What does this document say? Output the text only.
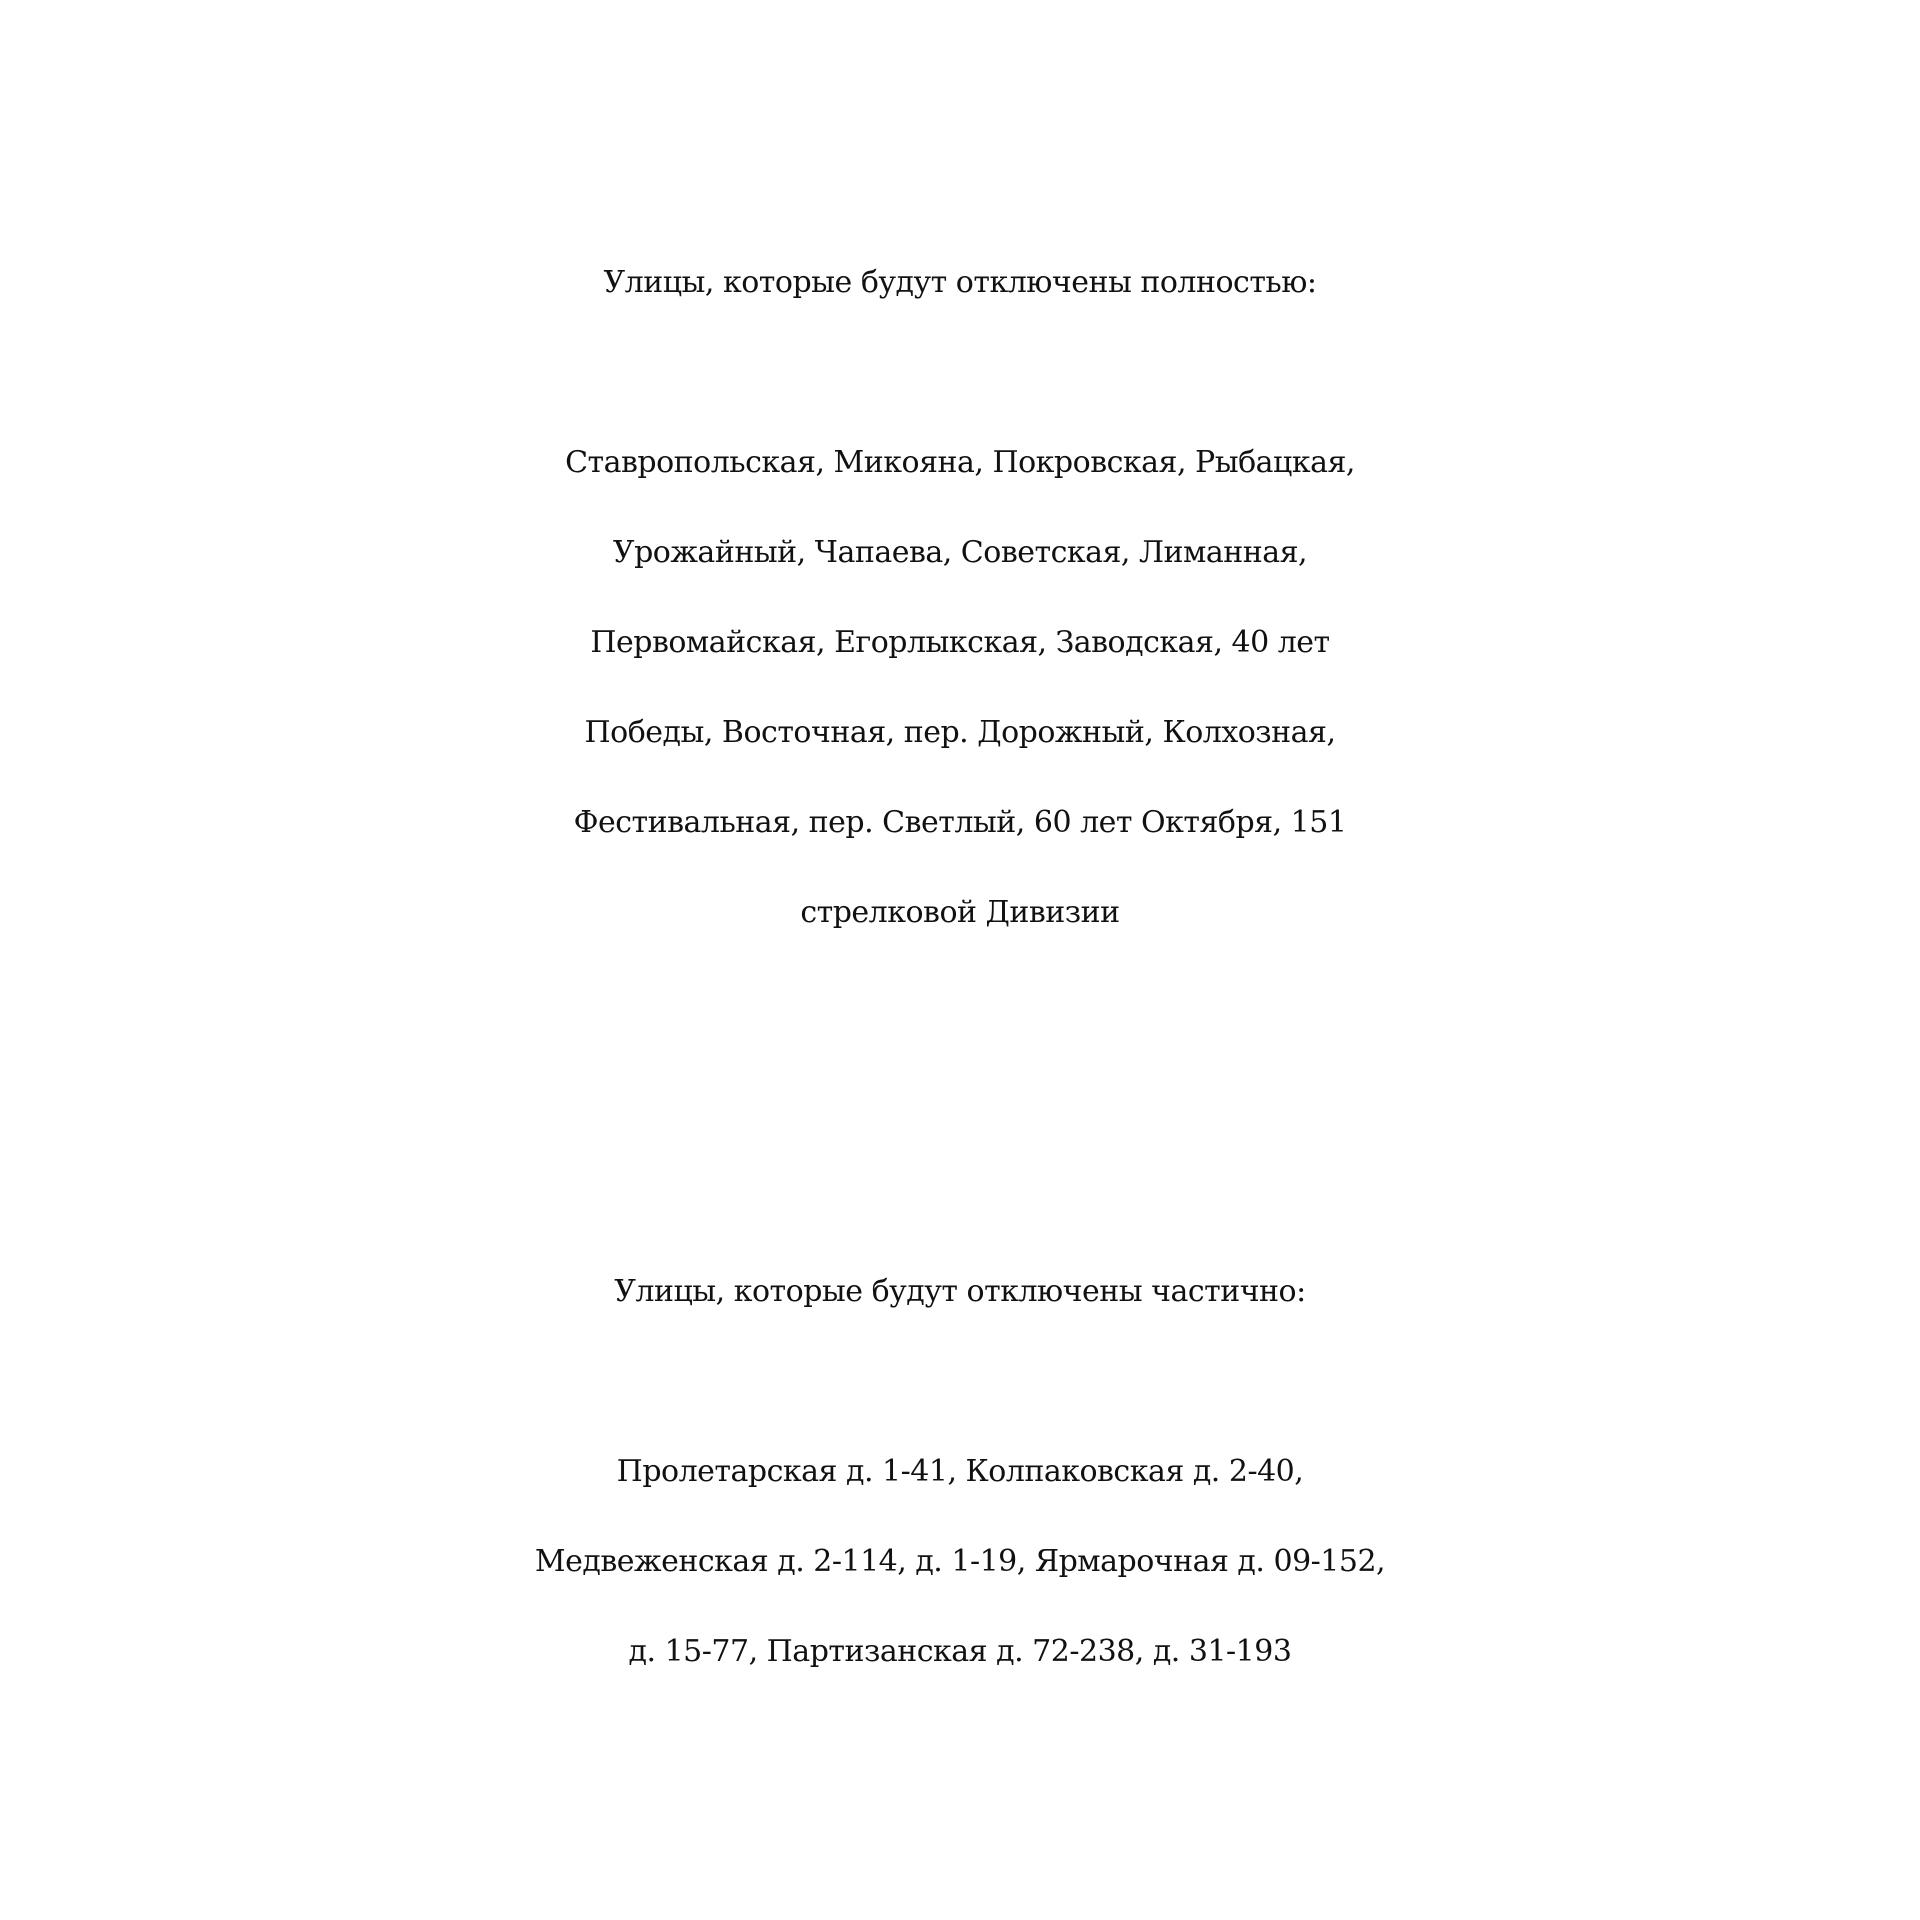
Улицы, которые будут отключены полностью:
Ставропольская, Микояна, Покровская, Рыбацкая,
Урожайный, Чапаева, Советская, Лиманная,
Первомайская, Егорлыкская, Заводская, 40 лет
Победы, Восточная, пер. Дорожный, Колхозная,
Фестивальная, пер. Светлый, 60 лет Октября, 151
стрелковой Дивизии
Улицы, которые будут отключены частично:
Пролетарская д. 1-41, Колпаковская д. 2-40,
Медвеженская д. 2-114, д. 1-19, Ярмарочная д. 09-152,
д. 15-77, Партизанская д. 72-238, д. 31-193
